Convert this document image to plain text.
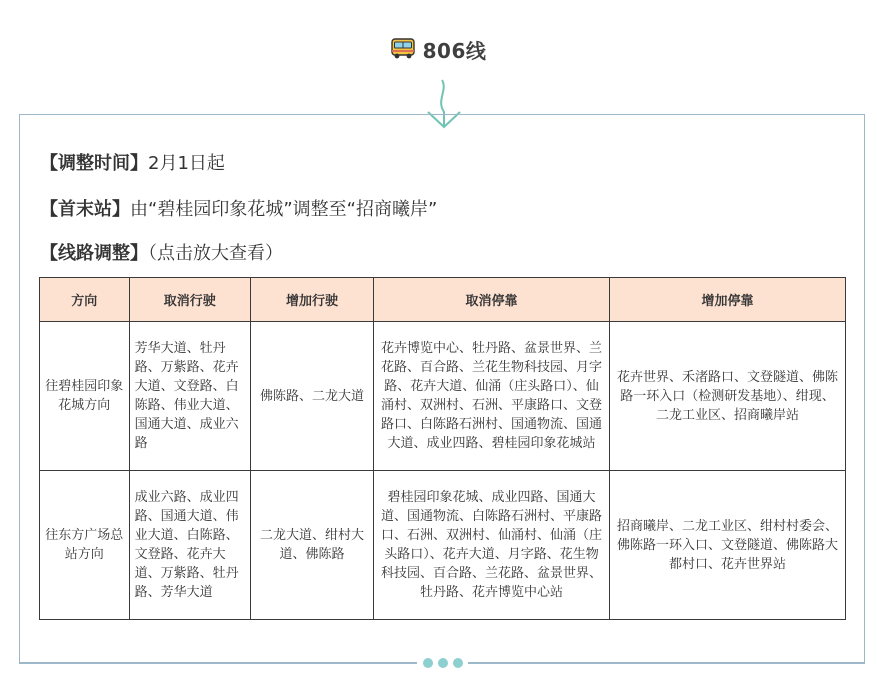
806线
【调整时间】2月1日起
【首末站】由“碧桂园印象花城”调整至“招商曦岸”
【线路调整】（点击放大查看）
方向	取消行驶	增加行驶	取消停靠	增加停靠
往碧桂园印象花城方向	芳华大道、牡丹路、万紫路、花卉大道、文登路、白陈路、伟业大道、国通大道、成业六路	佛陈路、二龙大道	花卉博览中心、牡丹路、盆景世界、兰花路、百合路、兰花生物科技园、月字路、花卉大道、仙涌（庄头路口）、仙涌村、双洲村、石洲、平康路口、文登路口、白陈路石洲村、国通物流、国通大道、成业四路、碧桂园印象花城站	花卉世界、禾渚路口、文登隧道、佛陈路一环入口（检测研发基地）、绀现、二龙工业区、招商曦岸站
往东方广场总站方向	成业六路、成业四路、国通大道、伟业大道、白陈路、文登路、花卉大道、万紫路、牡丹路、芳华大道	二龙大道、绀村大道、佛陈路	碧桂园印象花城、成业四路、国通大道、国通物流、白陈路石洲村、平康路口、石洲、双洲村、仙涌村、仙涌（庄头路口）、花卉大道、月字路、花生物科技园、百合路、兰花路、盆景世界、牡丹路、花卉博览中心站	招商曦岸、二龙工业区、绀村村委会、佛陈路一环入口、文登隧道、佛陈路大都村口、花卉世界站
